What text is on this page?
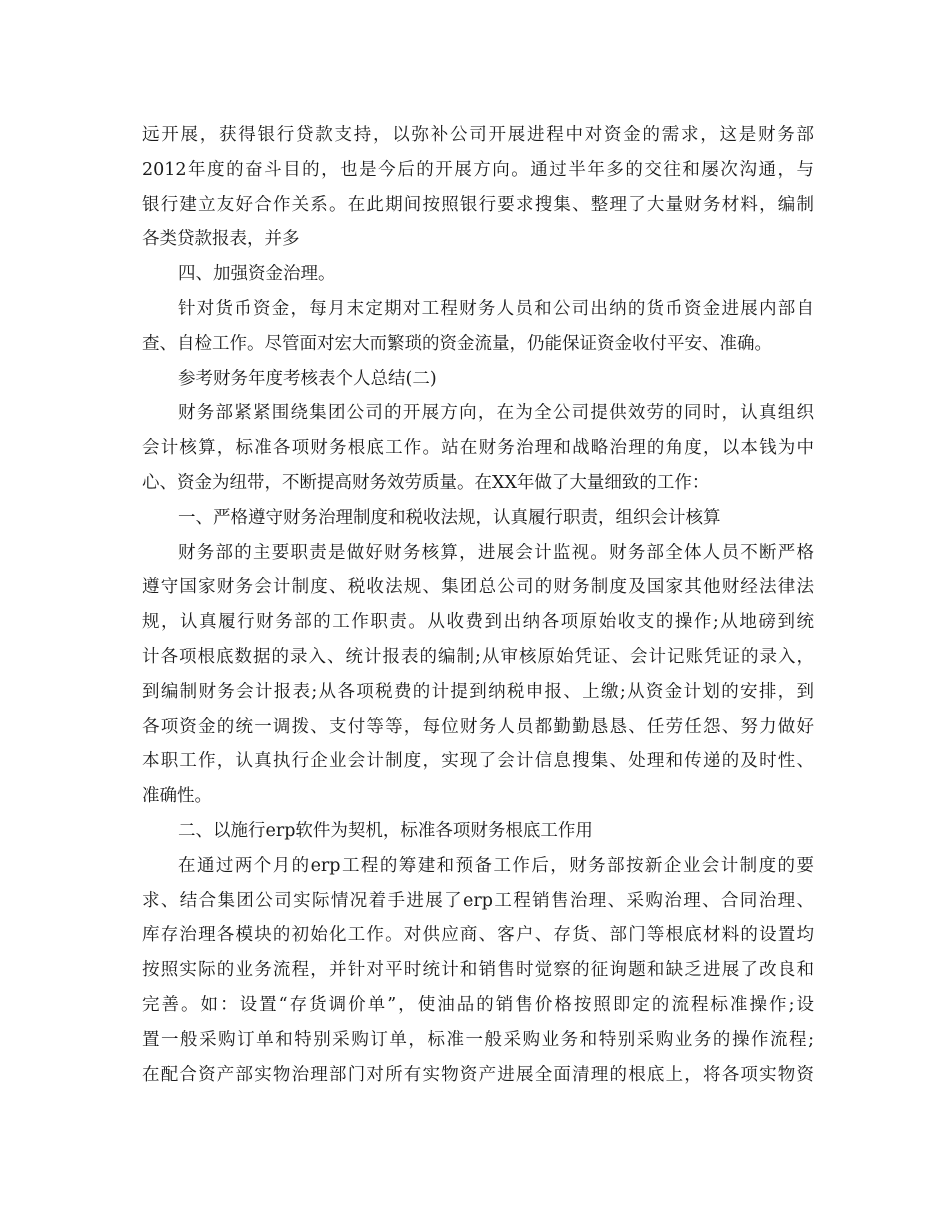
远开展，获得银行贷款支持，以弥补公司开展进程中对资金的需求，这是财务部
2012年度的奋斗目的，也是今后的开展方向。通过半年多的交往和屡次沟通，与
银行建立友好合作关系。在此期间按照银行要求搜集、整理了大量财务材料，编制
各类贷款报表，并多
四、加强资金治理。
针对货币资金，每月末定期对工程财务人员和公司出纳的货币资金进展内部自
查、自检工作。尽管面对宏大而繁琐的资金流量，仍能保证资金收付平安、准确。
参考财务年度考核表个人总结(二)
财务部紧紧围绕集团公司的开展方向，在为全公司提供效劳的同时，认真组织
会计核算，标准各项财务根底工作。站在财务治理和战略治理的角度，以本钱为中
心、资金为纽带，不断提高财务效劳质量。在XX年做了大量细致的工作：
一、严格遵守财务治理制度和税收法规，认真履行职责，组织会计核算
财务部的主要职责是做好财务核算，进展会计监视。财务部全体人员不断严格
遵守国家财务会计制度、税收法规、集团总公司的财务制度及国家其他财经法律法
规，认真履行财务部的工作职责。从收费到出纳各项原始收支的操作;从地磅到统
计各项根底数据的录入、统计报表的编制;从审核原始凭证、会计记账凭证的录入，
到编制财务会计报表;从各项税费的计提到纳税申报、上缴;从资金计划的安排，到
各项资金的统一调拨、支付等等，每位财务人员都勤勤恳恳、任劳任怨、努力做好
本职工作，认真执行企业会计制度，实现了会计信息搜集、处理和传递的及时性、
准确性。
二、以施行erp软件为契机，标准各项财务根底工作用
在通过两个月的erp工程的筹建和预备工作后，财务部按新企业会计制度的要
求、结合集团公司实际情况着手进展了erp工程销售治理、采购治理、合同治理、
库存治理各模块的初始化工作。对供应商、客户、存货、部门等根底材料的设置均
按照实际的业务流程，并针对平时统计和销售时觉察的征询题和缺乏进展了改良和
完善。如：设置“存货调价单”，使油品的销售价格按照即定的流程标准操作;设
置一般采购订单和特别采购订单，标准一般采购业务和特别采购业务的操作流程;
在配合资产部实物治理部门对所有实物资产进展全面清理的根底上，将各项实物资
